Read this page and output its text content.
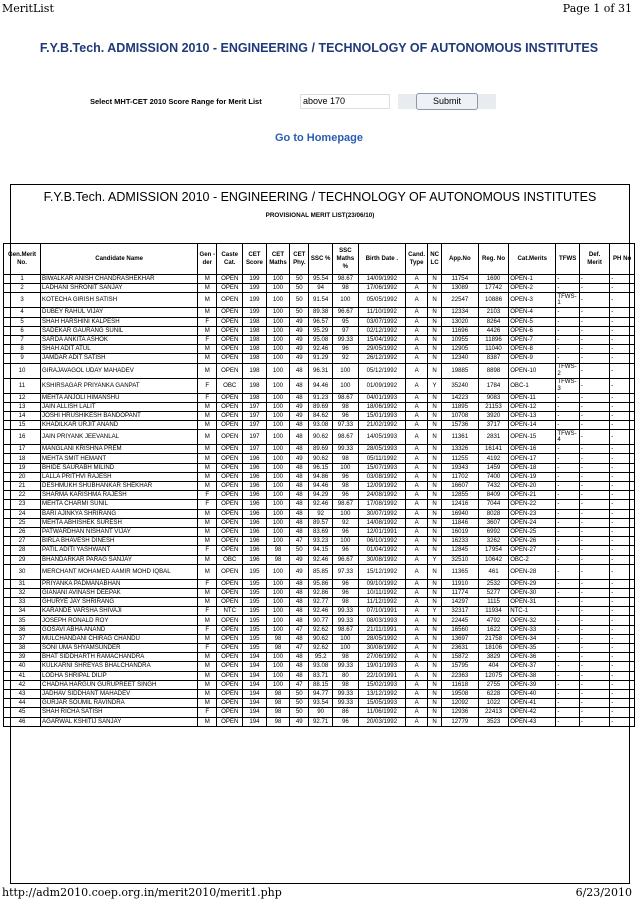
MeritList	Page 1 of 31
F.Y.B.Tech. ADMISSION 2010 - ENGINEERING / TECHNOLOGY OF AUTONOMOUS INSTITUTES
Select MHT-CET 2010 Score Range for Merit List	above 170	Submit
Go to Homepage
F.Y.B.Tech. ADMISSION 2010 - ENGINEERING / TECHNOLOGY OF AUTONOMOUS INSTITUTES
PROVISIONAL MERIT LIST(23/06/10)
Gen.Merit No.	Candidate Name	Gen -der	Caste Cat.	CET Score	CET Maths	CET Phy.	SSC %	SSC Maths %	Birth Date .	Cand. Type	NC LC	App.No	Reg. No	Cat.Merits	TFWS	Def. Merit	PH No
1	BIWALKAR ANISH CHANDRASHEKHAR	M	OPEN	199	100	50	95.54	98.67	14/09/1992	A	N	11754	1690	OPEN-1	-	-	-
2	LADHANI SHRONIT SANJAY	M	OPEN	199	100	50	94	98	17/06/1992	A	N	13089	17742	OPEN-2	-	-	-
3	KOTECHA GIRISH SATISH	M	OPEN	199	100	50	91.54	100	05/05/1992	A	N	22547	10886	OPEN-3	TFWS-1	-	-
4	DUBEY RAHUL VIJAY	M	OPEN	199	100	50	89.38	96.67	11/10/1992	A	N	12334	2103	OPEN-4	-	-	-
5	SHAH HARSHINI KALPESH	F	OPEN	198	100	49	96.57	95	03/07/1992	A	N	13020	8264	OPEN-5	-	-	-
6	SADEKAR GAURANG SUNIL	M	OPEN	198	100	49	95.29	97	02/12/1992	A	N	11696	4426	OPEN-6	-	-	-
7	SARDA ANKITA ASHOK	F	OPEN	198	100	49	95.08	99.33	15/04/1992	A	N	10955	11896	OPEN-7	-	-	-
8	SHAH ADIT ATUL	M	OPEN	198	100	49	92.46	96	29/05/1992	A	N	12905	11040	OPEN-8	-	-	-
9	JAMDAR ADIT SATISH	M	OPEN	198	100	49	91.29	92	26/12/1992	A	N	12340	8387	OPEN-9	-	-	-
10	GIRAJAVAGOL UDAY MAHADEV	M	OPEN	198	100	48	96.31	100	05/12/1992	A	N	19885	8898	OPEN-10	TFWS-2	-	-
11	KSHIRSAGAR PRIYANKA GANPAT	F	OBC	198	100	48	94.46	100	01/09/1992	A	Y	35240	1784	OBC-1	TFWS-3	-	-
12	MEHTA ANJOLI HIMANSHU	F	OPEN	198	100	48	91.23	98.67	04/01/1993	A	N	14223	9083	OPEN-11	-	-	-
13	JAIN ALLISH LALIT	M	OPEN	197	100	49	89.69	98	18/06/1992	A	N	11895	21153	OPEN-12	-	-	-
14	JOSHI HRUSHIKESH BANDOPANT	M	OPEN	197	100	49	84.62	96	15/01/1993	A	N	10708	3920	OPEN-13	-	-	-
15	KHADILKAR URJIT ANAND	M	OPEN	197	100	48	93.08	97.33	21/02/1992	A	N	15736	3717	OPEN-14	-	-	-
16	JAIN PRIYANK JEEVANLAL	M	OPEN	197	100	48	90.62	98.67	14/05/1993	A	N	11361	2831	OPEN-15	TFWS-4	-	-
17	MANGLANI KRISHNA PREM	M	OPEN	197	100	48	89.69	99.33	28/05/1993	A	N	13326	16141	OPEN-16	-	-	-
18	MEHTA SMIT HEMANT	M	OPEN	196	100	49	90.62	98	05/11/1992	A	N	11255	4192	OPEN-17	-	-	-
19	BHIDE SAURABH MILIND	M	OPEN	196	100	48	96.15	100	15/07/1993	A	N	19343	1459	OPEN-18	-	-	-
20	LALLA PRITHVI RAJESH	M	OPEN	196	100	48	94.86	96	03/08/1992	A	N	11702	7400	OPEN-19	-	-	-
21	DESHMUKH SHUBHANKAR SHEKHAR	M	OPEN	196	100	48	94.46	98	12/09/1992	A	N	16607	7432	OPEN-20	-	-	-
22	SHARMA KARISHMA RAJESH	F	OPEN	196	100	48	94.29	96	24/08/1992	A	N	12855	8409	OPEN-21	-	-	-
23	MEHTA CHARMI SUNIL	F	OPEN	196	100	48	92.46	98.67	17/08/1992	A	N	12416	7044	OPEN-22	-	-	-
24	BARI AJINKYA SHRIRANG	M	OPEN	196	100	48	92	100	30/07/1992	A	N	16940	8028	OPEN-23	-	-	-
25	MEHTA ABHISHEK SURESH	M	OPEN	196	100	48	89.57	92	14/08/1992	A	N	11846	3607	OPEN-24	-	-	-
26	PATWARDHAN NISHANT VIJAY	M	OPEN	196	100	48	83.69	96	12/01/1991	A	N	16019	6992	OPEN-25	-	-	-
27	BIRLA BHAVESH DINESH	M	OPEN	196	100	47	93.23	100	06/10/1992	A	N	16233	3262	OPEN-26	-	-	-
28	PATIL ADITI YASHWANT	F	OPEN	196	98	50	94.15	96	01/04/1992	A	N	12845	17954	OPEN-27	-	-	-
29	BHANDARKAR PARAG SANJAY	M	OBC	196	98	49	92.46	96.67	30/08/1992	A	Y	32510	10642	OBC-2	-	-	-
30	MERCHANT MOHAMED AAMIR MOHD IQBAL	M	OPEN	195	100	49	85.85	97.33	15/12/1992	A	N	11365	461	OPEN-28	-	-	-
31	PRIYANKA PADMANABHAN	F	OPEN	195	100	48	95.86	96	09/10/1992	A	N	11910	2532	OPEN-29	-	-	-
32	GIANANI AVINASH DEEPAK	M	OPEN	195	100	48	92.86	96	10/11/1992	A	N	11774	5277	OPEN-30	-	-	-
33	GHURYE JAY SHRIRANG	M	OPEN	195	100	48	92.77	98	11/12/1992	A	N	14297	1115	OPEN-31	-	-	-
34	KARANDE VARSHA SHIVAJI	F	NTC	195	100	48	92.46	99.33	07/10/1991	A	Y	32317	11934	NTC-1	-	-	-
35	JOSEPH RONALD ROY	M	OPEN	195	100	48	90.77	99.33	08/03/1993	A	N	22445	4792	OPEN-32	-	-	-
36	GOSAVI ABHA ANAND	F	OPEN	195	100	47	92.62	98.67	21/11/1991	A	N	16560	1622	OPEN-33	-	-	-
37	MULCHANDANI CHIRAG CHANDU	M	OPEN	195	98	48	90.62	100	28/05/1992	A	N	13697	21758	OPEN-34	-	-	-
38	SONI UMA SHYAMSUNDER	F	OPEN	195	98	47	92.62	100	30/08/1992	A	N	23631	18106	OPEN-35	-	-	-
39	BHAT SIDDHARTH RAMACHANDRA	M	OPEN	194	100	48	95.2	98	27/06/1992	A	N	15872	3829	OPEN-36	-	-	-
40	KULKARNI SHREYAS BHALCHANDRA	M	OPEN	194	100	48	93.08	99.33	19/01/1993	A	N	15795	404	OPEN-37	-	-	-
41	LODHA SHRIPAL DILIP	M	OPEN	194	100	48	83.71	80	22/10/1991	A	N	22363	12075	OPEN-38	-	-	-
42	CHADHA HARGUN GURUPREET SINGH	M	OPEN	194	100	47	88.15	98	15/02/1993	A	N	11618	2755	OPEN-39	-	-	-
43	JADHAV SIDDHANT MAHADEV	M	OPEN	194	98	50	94.77	99.33	13/12/1992	A	N	19508	6228	OPEN-40	-	-	-
44	GURJAR SOUMIL RAVINDRA	M	OPEN	194	98	50	93.54	99.33	15/05/1993	A	N	12092	1022	OPEN-41	-	-	-
45	SHAH RICHA SATISH	F	OPEN	194	98	50	90	86	11/06/1992	A	N	12936	22413	OPEN-42	-	-	-
46	AGARWAL KSHITIJ SANJAY	M	OPEN	194	98	49	92.71	96	20/03/1992	A	N	12779	3523	OPEN-43	-	-	-
http://adm2010.coep.org.in/merit2010/merit1.php	6/23/2010
